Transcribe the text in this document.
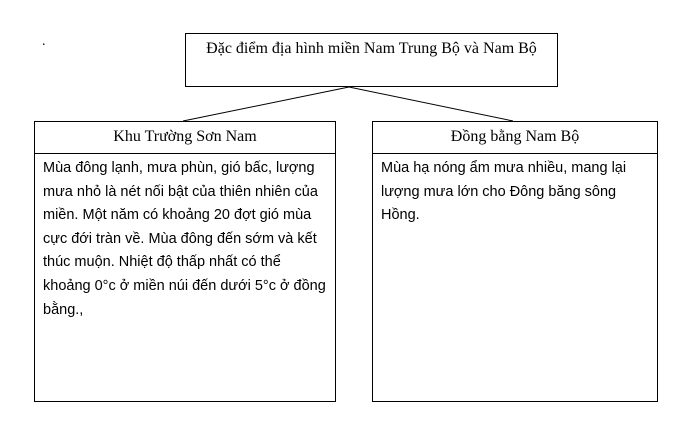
.	Đặc điểm địa hình miền Nam Trung Bộ và Nam Bộ
Khu Trường Sơn Nam	Đồng bằng Nam Bộ
Mùa đông lạnh, mưa phùn, gió bấc, lượng mưa nhỏ là nét nối bật của thiên nhiên của miền. Một năm có khoảng 20 đợt gió mùa cực đới tràn về. Mùa đông đến sớm và kết thúc muộn. Nhiệt độ thấp nhất có thể khoảng 0°c ở miền núi đến dưới 5°c ở đồng bằng.,
Mùa hạ nóng ẩm mưa nhiều, mang lại lượng mưa lớn cho Đông băng sông Hồng.
